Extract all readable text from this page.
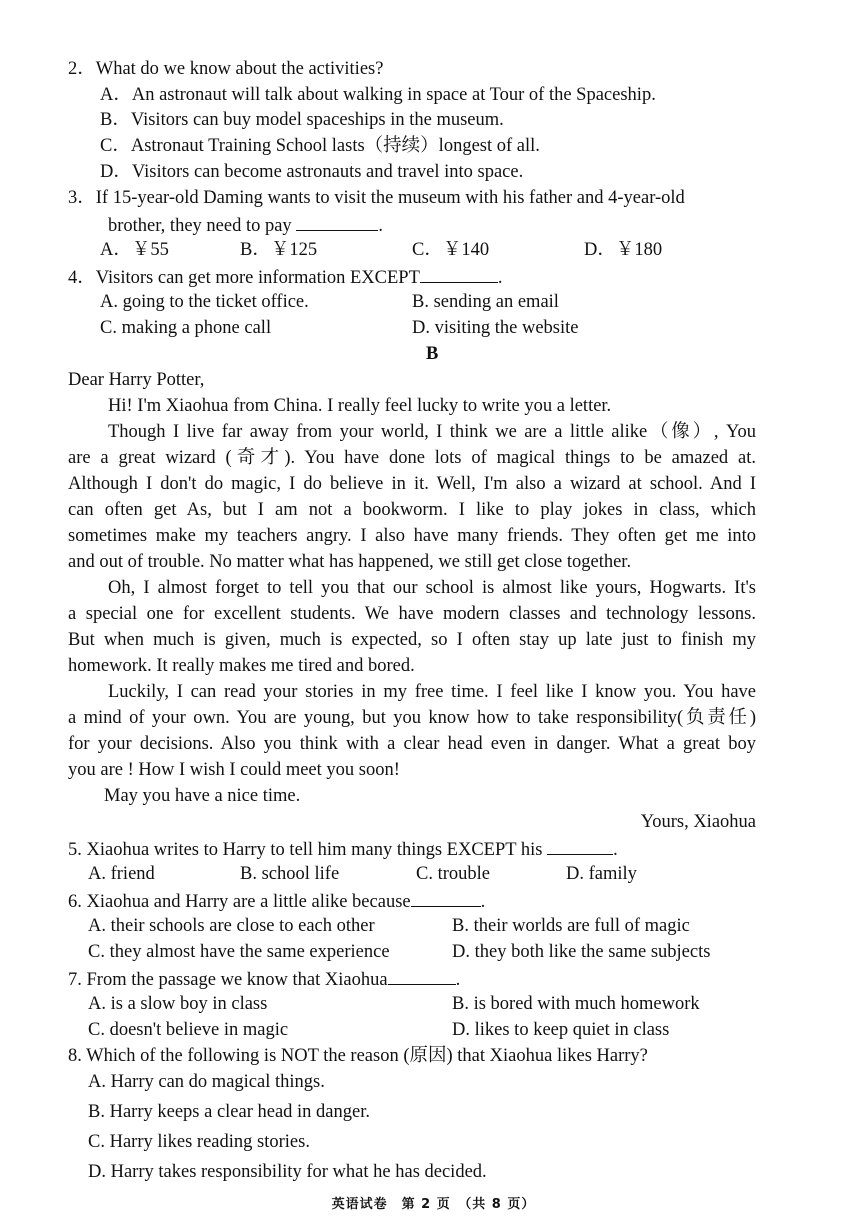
2．What do we know about the activities?
A．An astronaut will talk about walking in space at Tour of the Spaceship.
B．Visitors can buy model spaceships in the museum.
C．Astronaut Training School lasts（持续）longest of all.
D．Visitors can become astronauts and travel into space.
3．If 15-year-old Daming wants to visit the museum with his father and 4-year-old
brother, they need to pay	.
A．￥55	B．￥125	C．￥140	D．￥180
4．Visitors can get more information EXCEPT	.
A. going to the ticket office.	B. sending an email
C. making a phone call	D. visiting the website
B
Dear Harry Potter,
Hi! I'm Xiaohua from China. I really feel lucky to write you a letter.
Though I live far away from your world, I think we are a little alike（像）, You
are a great wizard (奇才). You have done lots of magical things to be amazed at.
Although I don't do magic, I do believe in it. Well, I'm also a wizard at school. And I
can often get As, but I am not a bookworm. I like to play jokes in class, which
sometimes make my teachers angry. I also have many friends. They often get me into
and out of trouble. No matter what has happened, we still get close together.
Oh, I almost forget to tell you that our school is almost like yours, Hogwarts. It's
a special one for excellent students. We have modern classes and technology lessons.
But when much is given, much is expected, so I often stay up late just to finish my
homework. It really makes me tired and bored.
Luckily, I can read your stories in my free time. I feel like I know you. You have
a mind of your own. You are young, but you know how to take responsibility(负责任)
for your decisions. Also you think with a clear head even in danger. What a great boy
you are ! How I wish I could meet you soon!
May you have a nice time.
Yours, Xiaohua
5. Xiaohua writes to Harry to tell him many things EXCEPT his	.
A. friend	B. school life	C. trouble	D. family
6. Xiaohua and Harry are a little alike because	.
A. their schools are close to each other	B. their worlds are full of magic
C. they almost have the same experience	D. they both like the same subjects
7. From the passage we know that Xiaohua	.
A. is a slow boy in class	B. is bored with much homework
C. doesn't believe in magic	D. likes to keep quiet in class
8. Which of the following is NOT the reason (原因) that Xiaohua likes Harry?
A. Harry can do magical things.
B. Harry keeps a clear head in danger.
C. Harry likes reading stories.
D. Harry takes responsibility for what he has decided.
英语试卷　第 2 页　（共 8 页）
